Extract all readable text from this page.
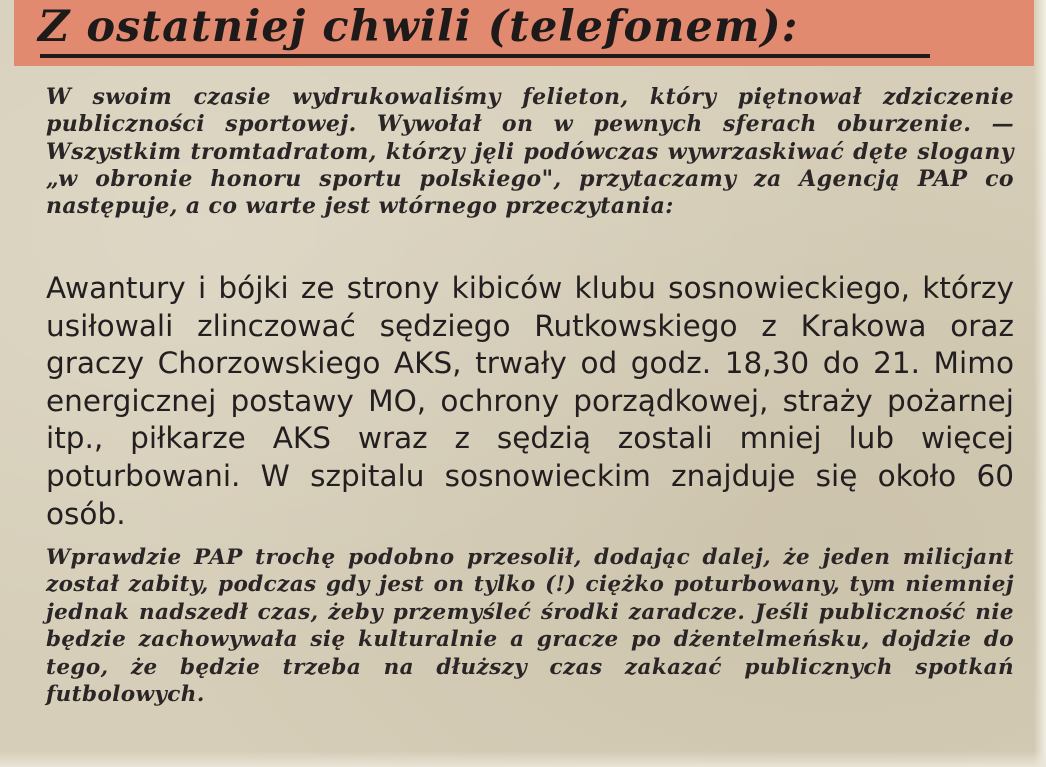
Z ostatniej chwili (telefonem):

W swoim czasie wydrukowaliśmy felieton, który piętnował zdziczenie publiczności sportowej. Wywołał on w pewnych sferach oburzenie. — Wszystkim tromtadratom, którzy jęli podówczas wywrzaskiwać dęte slogany „w obronie honoru sportu polskiego", przytaczamy za Agencją PAP co następuje, a co warte jest wtórnego przeczytania:

Awantury i bójki ze strony kibiców klubu sosnowieckiego, którzy usiłowali zlinczować sędziego Rutkowskiego z Krakowa oraz graczy Chorzowskiego AKS, trwały od godz. 18,30 do 21. Mimo energicznej postawy MO, ochrony porządkowej, straży pożarnej itp., piłkarze AKS wraz z sędzią zostali mniej lub więcej poturbowani. W szpitalu sosnowieckim znajduje się około 60 osób.

Wprawdzie PAP trochę podobno przesolił, dodając dalej, że jeden milicjant został zabity, podczas gdy jest on tylko (!) ciężko poturbowany, tym niemniej jednak nadszedł czas, żeby przemyśleć środki zaradcze. Jeśli publiczność nie będzie zachowywała się kulturalnie a gracze po dżentelmeńsku, dojdzie do tego, że będzie trzeba na dłuższy czas zakazać publicznych spotkań futbolowych.
